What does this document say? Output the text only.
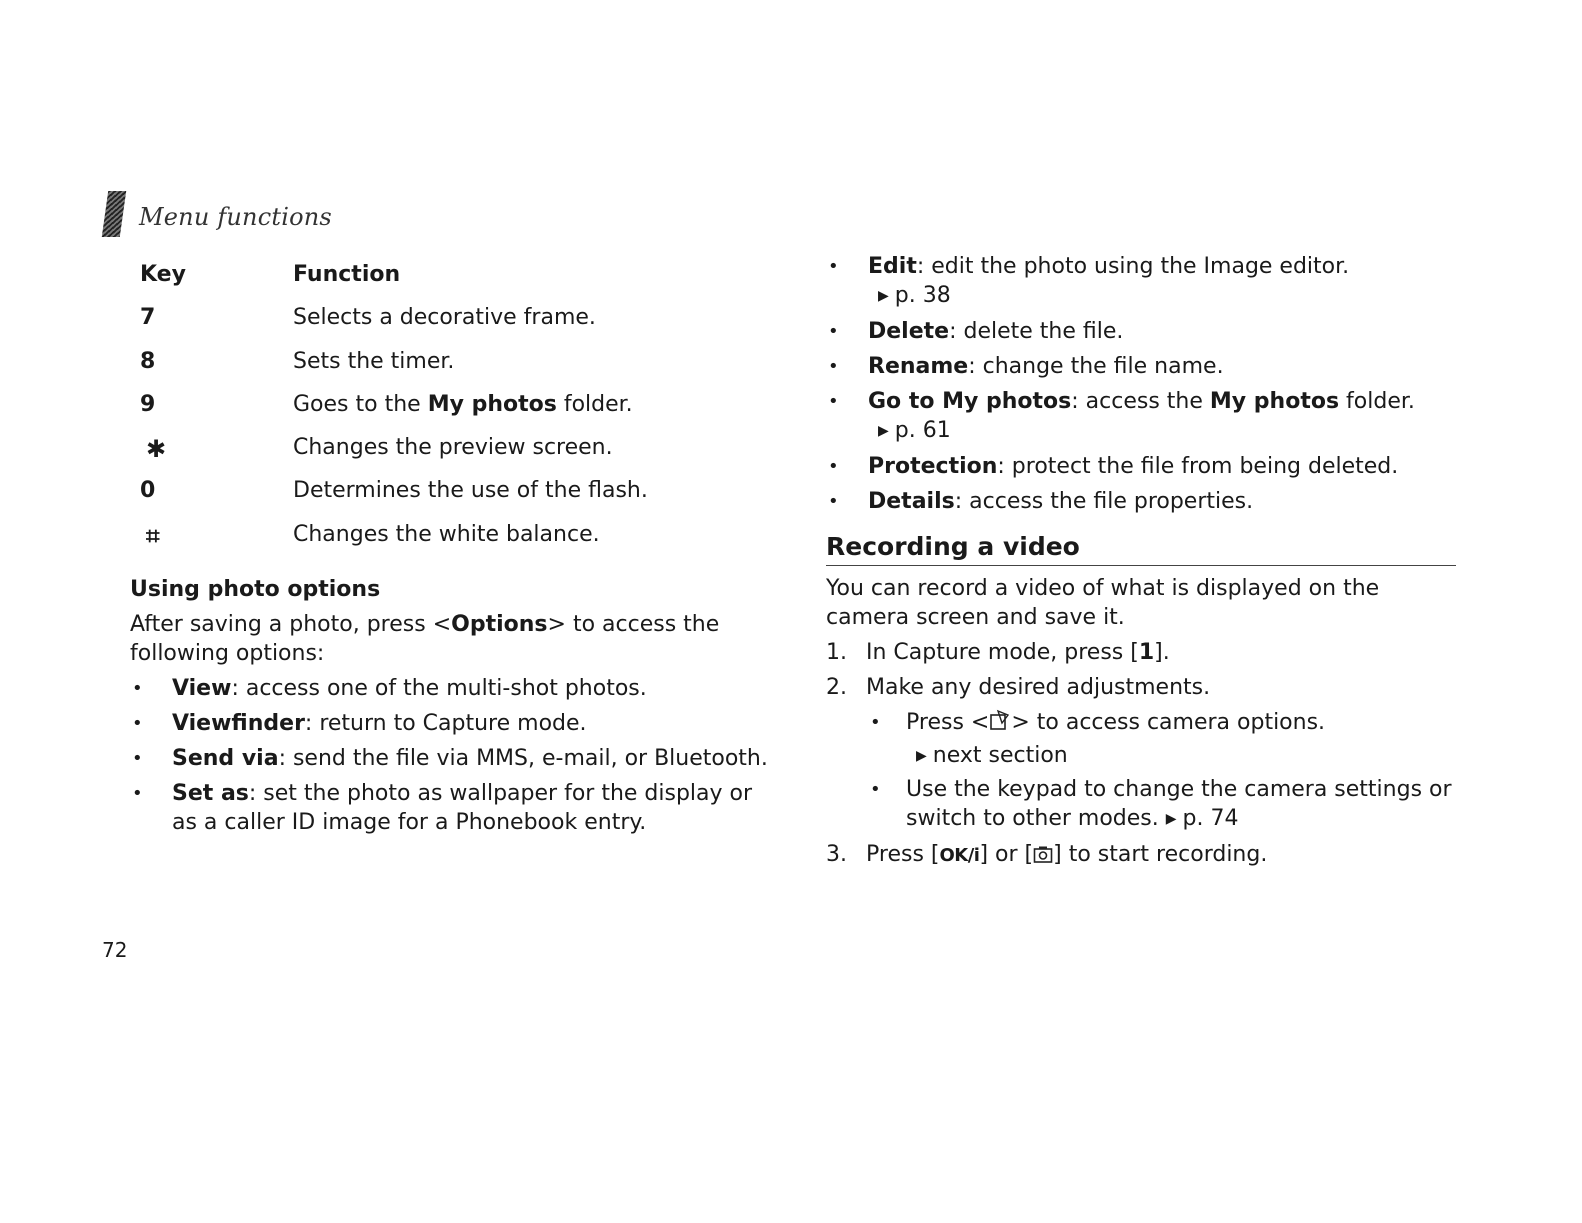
Menu functions
Key	Function
7	Selects a decorative frame.
8	Sets the timer.
9	Goes to the My photos folder.
✱	Changes the preview screen.
0	Determines the use of the flash.
⌗	Changes the white balance.
Using photo options

After saving a photo, press <Options> to access the following options:

• View: access one of the multi-shot photos.
• Viewfinder: return to Capture mode.
• Send via: send the file via MMS, e-mail, or Bluetooth.
• Set as: set the photo as wallpaper for the display or as a caller ID image for a Phonebook entry.
• Edit: edit the photo using the Image editor.
▶ p. 38
• Delete: delete the file.
• Rename: change the file name.
• Go to My photos: access the My photos folder.
▶ p. 61
• Protection: protect the file from being deleted.
• Details: access the file properties.
Recording a video

You can record a video of what is displayed on the camera screen and save it.

1. In Capture mode, press [1].
2. Make any desired adjustments.
• Press < > to access camera options.
▶ next section
• Use the keypad to change the camera settings or switch to other modes. ▶ p. 74
3. Press [OK/i] or [ ] to start recording.
72
